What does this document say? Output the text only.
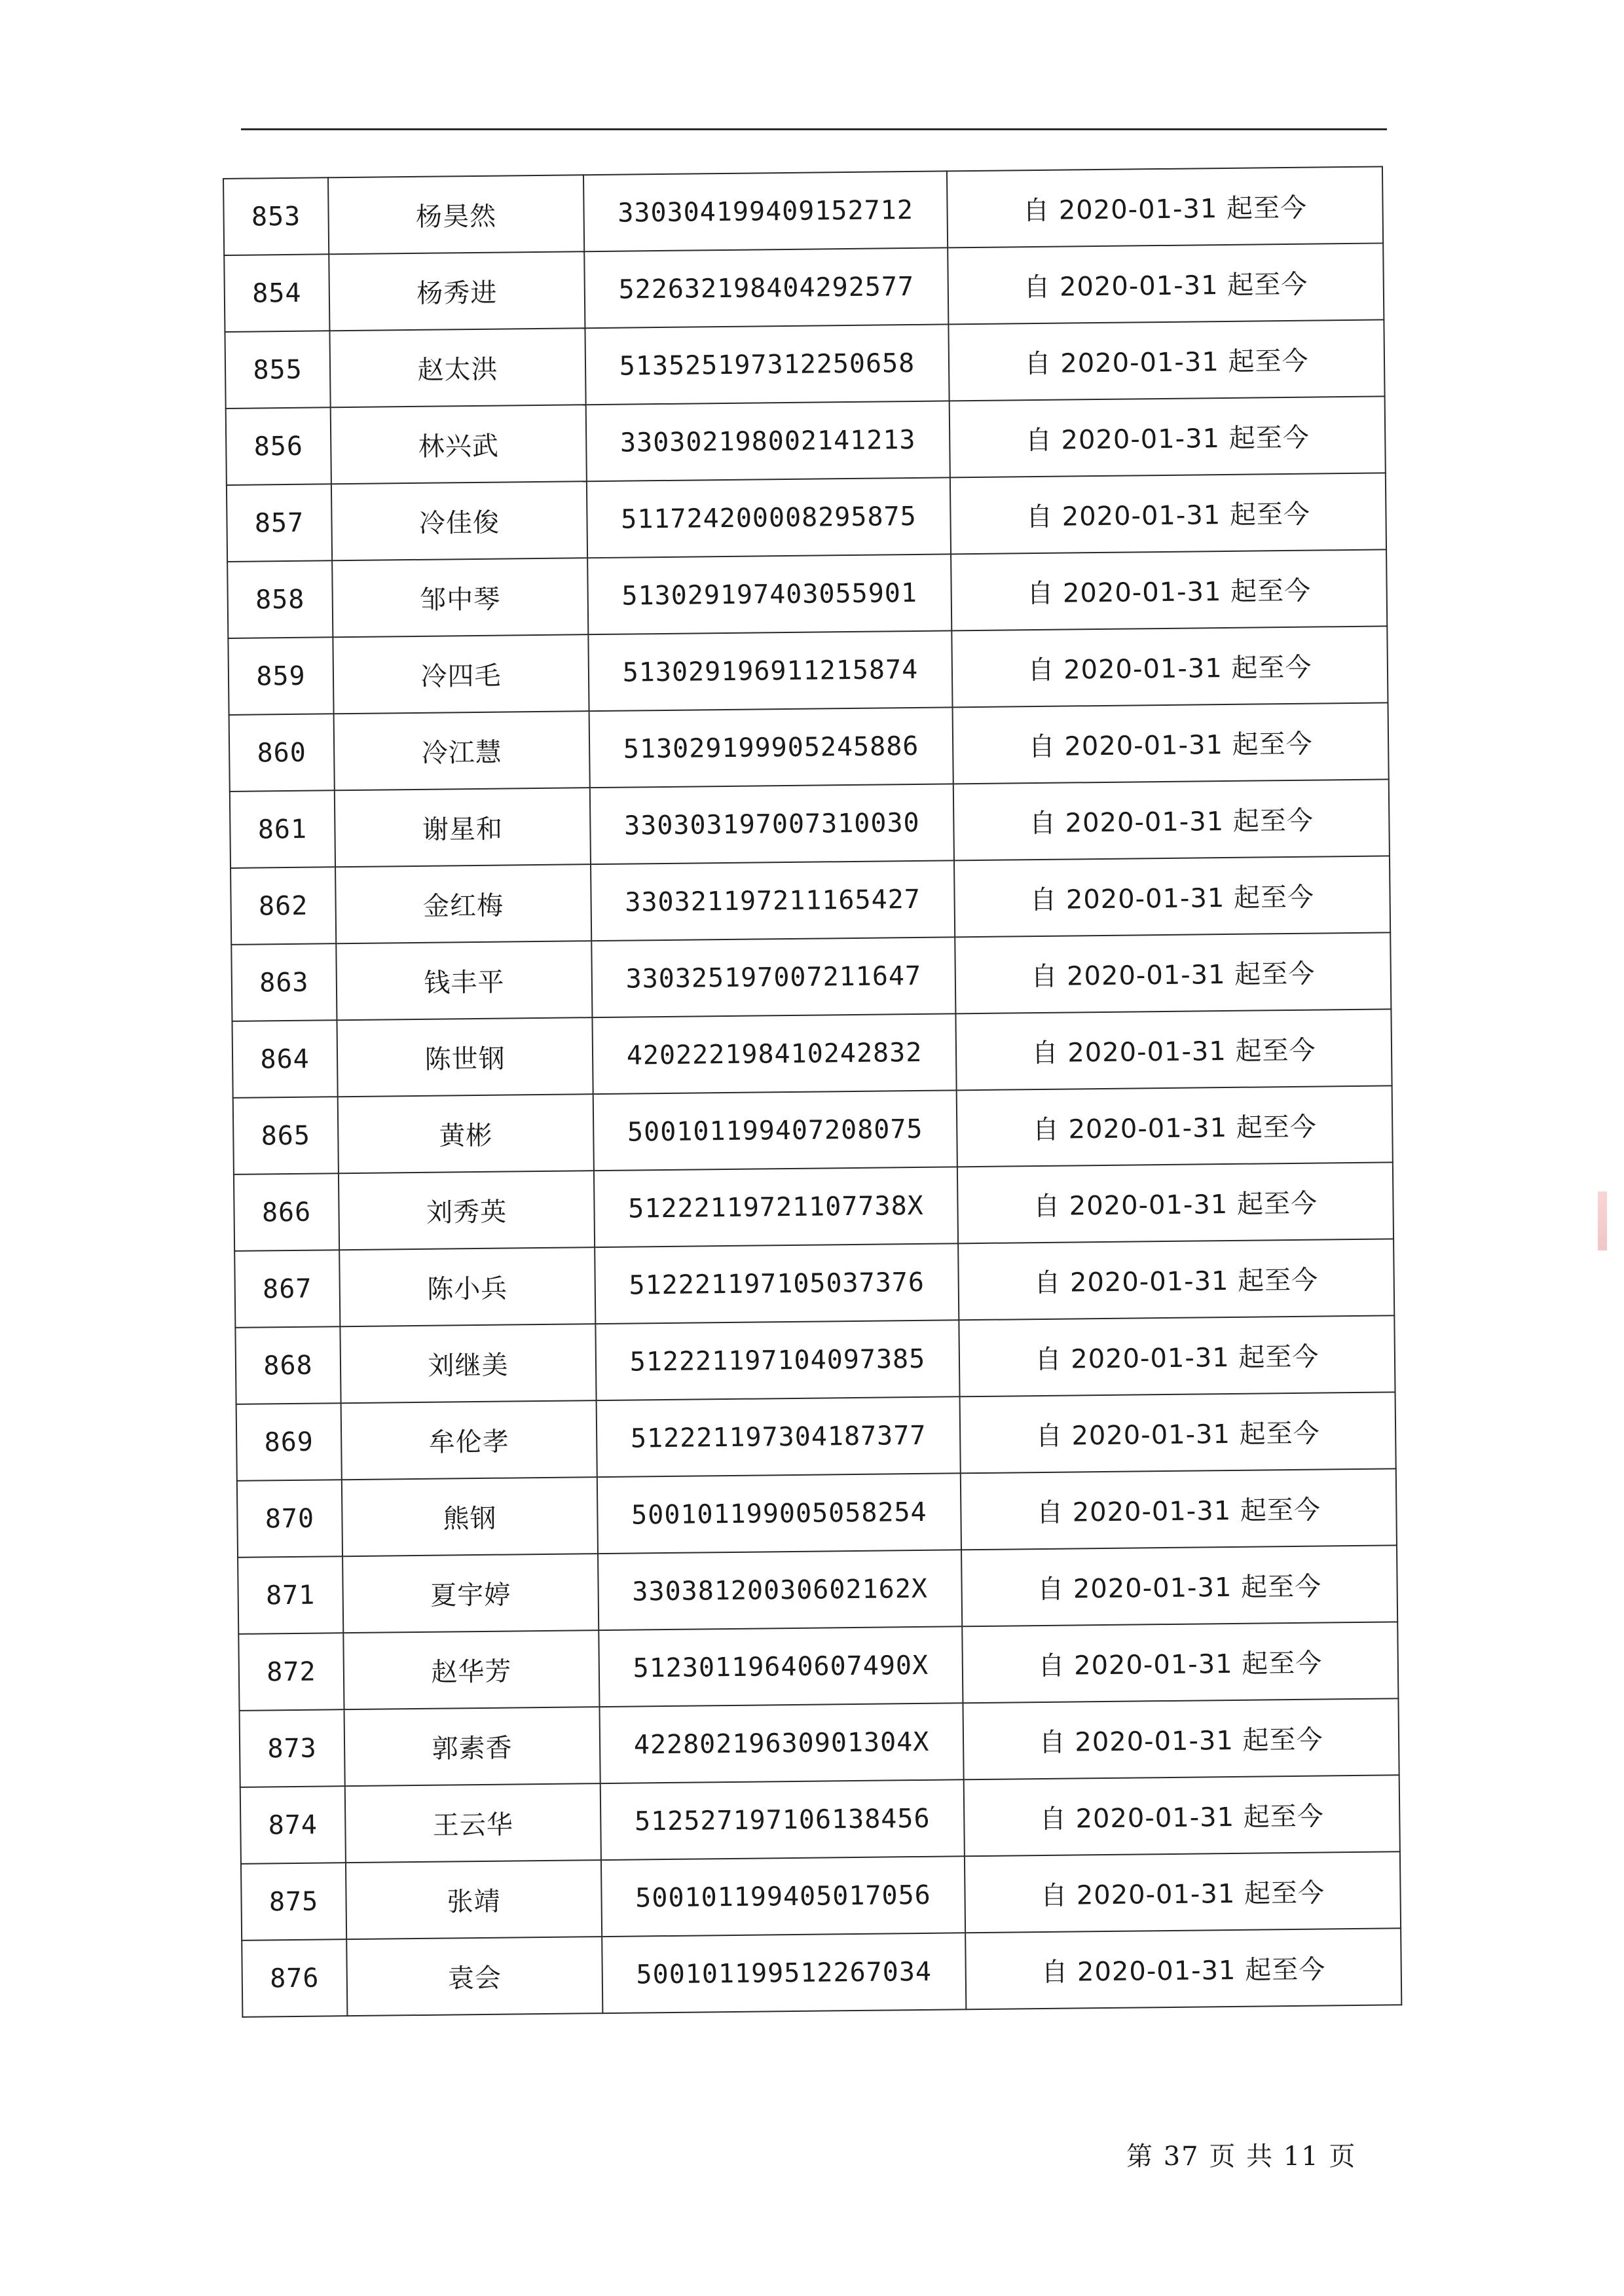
853	杨昊然	330304199409152712	自 2020-01-31 起至今
854	杨秀进	522632198404292577	自 2020-01-31 起至今
855	赵太洪	513525197312250658	自 2020-01-31 起至今
856	林兴武	330302198002141213	自 2020-01-31 起至今
857	冷佳俊	511724200008295875	自 2020-01-31 起至今
858	邹中琴	513029197403055901	自 2020-01-31 起至今
859	冷四毛	513029196911215874	自 2020-01-31 起至今
860	冷江慧	513029199905245886	自 2020-01-31 起至今
861	谢星和	330303197007310030	自 2020-01-31 起至今
862	金红梅	330321197211165427	自 2020-01-31 起至今
863	钱丰平	330325197007211647	自 2020-01-31 起至今
864	陈世钢	420222198410242832	自 2020-01-31 起至今
865	黄彬	500101199407208075	自 2020-01-31 起至今
866	刘秀英	51222119721107738X	自 2020-01-31 起至今
867	陈小兵	512221197105037376	自 2020-01-31 起至今
868	刘继美	512221197104097385	自 2020-01-31 起至今
869	牟伦孝	512221197304187377	自 2020-01-31 起至今
870	熊钢	500101199005058254	自 2020-01-31 起至今
871	夏宇婷	33038120030602162X	自 2020-01-31 起至今
872	赵华芳	51230119640607490X	自 2020-01-31 起至今
873	郭素香	42280219630901304X	自 2020-01-31 起至今
874	王云华	512527197106138456	自 2020-01-31 起至今
875	张靖	500101199405017056	自 2020-01-31 起至今
876	袁会	500101199512267034	自 2020-01-31 起至今
第 37 页 共 11 页
